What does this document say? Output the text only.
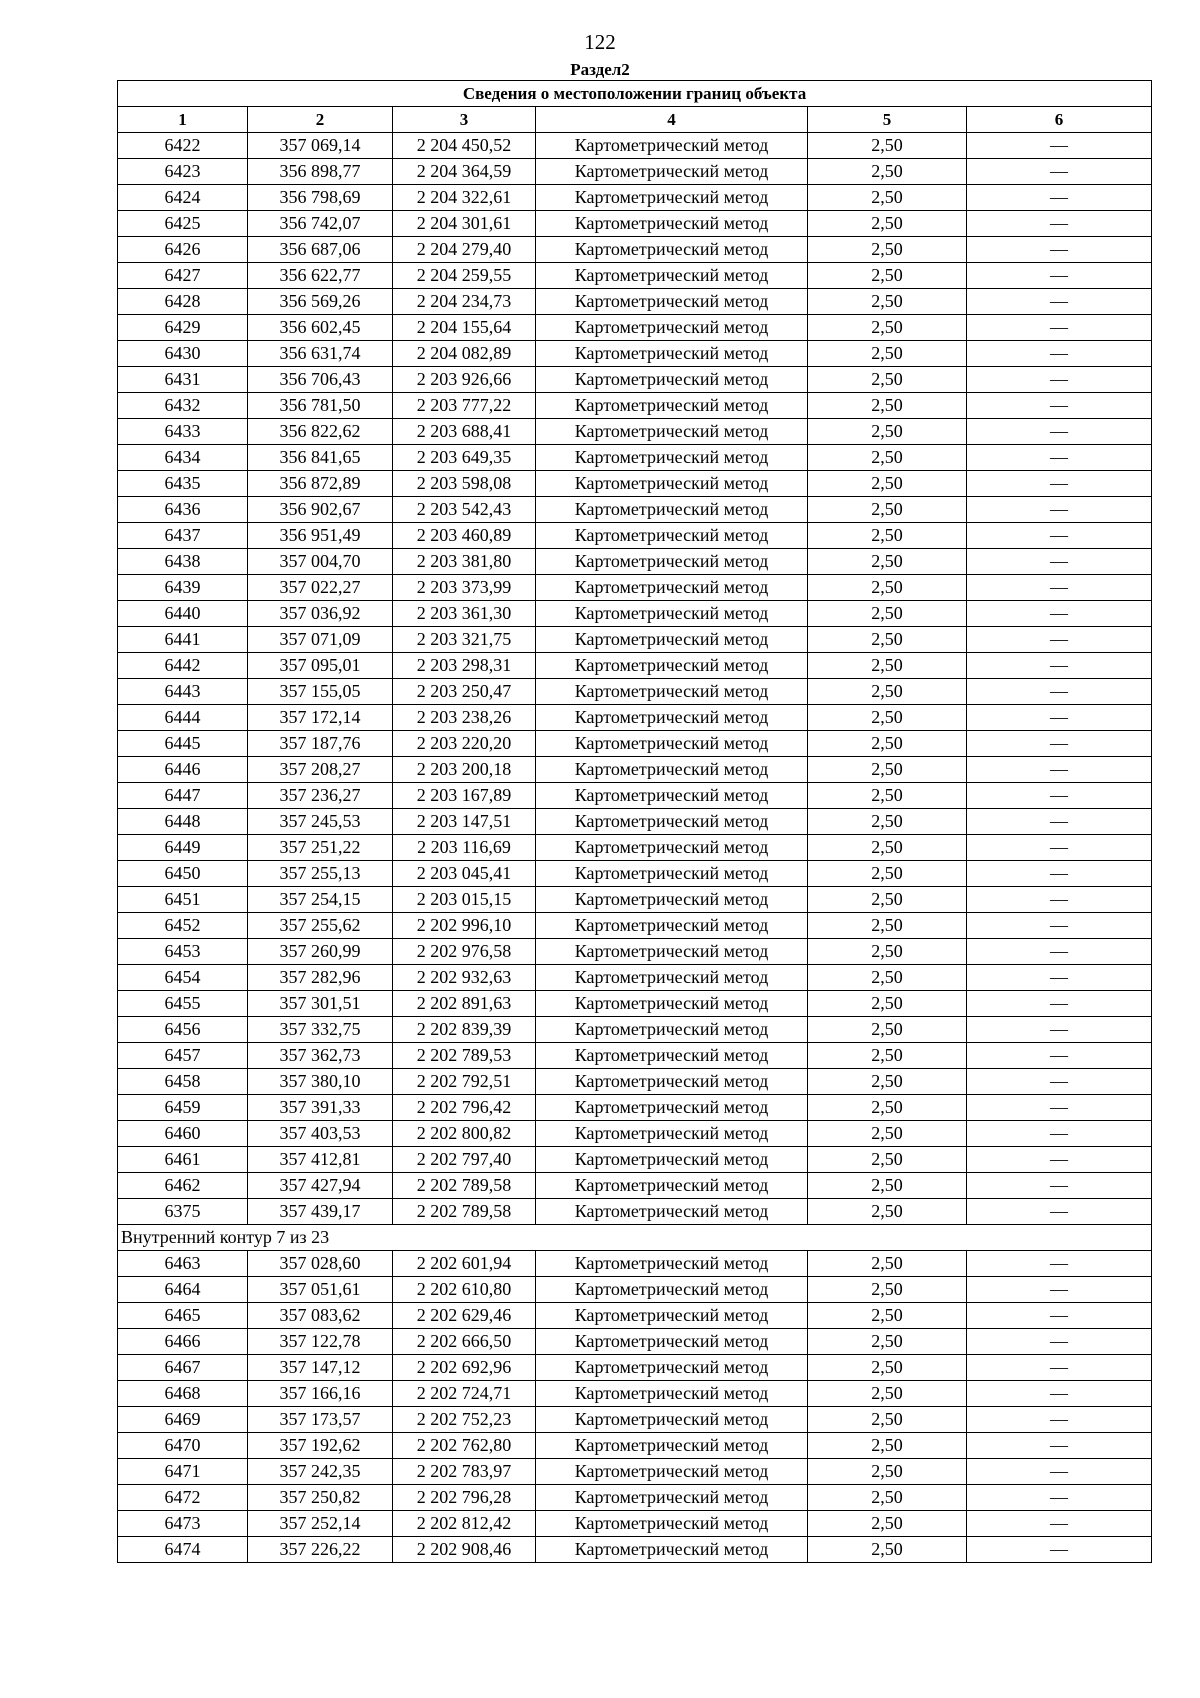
122
Раздел2
Сведения о местоположении границ объекта					
1	2	3	4	5	6
6422	357 069,14	2 204 450,52	Картометрический метод	2,50	—
6423	356 898,77	2 204 364,59	Картометрический метод	2,50	—
6424	356 798,69	2 204 322,61	Картометрический метод	2,50	—
6425	356 742,07	2 204 301,61	Картометрический метод	2,50	—
6426	356 687,06	2 204 279,40	Картометрический метод	2,50	—
6427	356 622,77	2 204 259,55	Картометрический метод	2,50	—
6428	356 569,26	2 204 234,73	Картометрический метод	2,50	—
6429	356 602,45	2 204 155,64	Картометрический метод	2,50	—
6430	356 631,74	2 204 082,89	Картометрический метод	2,50	—
6431	356 706,43	2 203 926,66	Картометрический метод	2,50	—
6432	356 781,50	2 203 777,22	Картометрический метод	2,50	—
6433	356 822,62	2 203 688,41	Картометрический метод	2,50	—
6434	356 841,65	2 203 649,35	Картометрический метод	2,50	—
6435	356 872,89	2 203 598,08	Картометрический метод	2,50	—
6436	356 902,67	2 203 542,43	Картометрический метод	2,50	—
6437	356 951,49	2 203 460,89	Картометрический метод	2,50	—
6438	357 004,70	2 203 381,80	Картометрический метод	2,50	—
6439	357 022,27	2 203 373,99	Картометрический метод	2,50	—
6440	357 036,92	2 203 361,30	Картометрический метод	2,50	—
6441	357 071,09	2 203 321,75	Картометрический метод	2,50	—
6442	357 095,01	2 203 298,31	Картометрический метод	2,50	—
6443	357 155,05	2 203 250,47	Картометрический метод	2,50	—
6444	357 172,14	2 203 238,26	Картометрический метод	2,50	—
6445	357 187,76	2 203 220,20	Картометрический метод	2,50	—
6446	357 208,27	2 203 200,18	Картометрический метод	2,50	—
6447	357 236,27	2 203 167,89	Картометрический метод	2,50	—
6448	357 245,53	2 203 147,51	Картометрический метод	2,50	—
6449	357 251,22	2 203 116,69	Картометрический метод	2,50	—
6450	357 255,13	2 203 045,41	Картометрический метод	2,50	—
6451	357 254,15	2 203 015,15	Картометрический метод	2,50	—
6452	357 255,62	2 202 996,10	Картометрический метод	2,50	—
6453	357 260,99	2 202 976,58	Картометрический метод	2,50	—
6454	357 282,96	2 202 932,63	Картометрический метод	2,50	—
6455	357 301,51	2 202 891,63	Картометрический метод	2,50	—
6456	357 332,75	2 202 839,39	Картометрический метод	2,50	—
6457	357 362,73	2 202 789,53	Картометрический метод	2,50	—
6458	357 380,10	2 202 792,51	Картометрический метод	2,50	—
6459	357 391,33	2 202 796,42	Картометрический метод	2,50	—
6460	357 403,53	2 202 800,82	Картометрический метод	2,50	—
6461	357 412,81	2 202 797,40	Картометрический метод	2,50	—
6462	357 427,94	2 202 789,58	Картометрический метод	2,50	—
6375	357 439,17	2 202 789,58	Картометрический метод	2,50	—
Внутренний контур 7 из 23					
6463	357 028,60	2 202 601,94	Картометрический метод	2,50	—
6464	357 051,61	2 202 610,80	Картометрический метод	2,50	—
6465	357 083,62	2 202 629,46	Картометрический метод	2,50	—
6466	357 122,78	2 202 666,50	Картометрический метод	2,50	—
6467	357 147,12	2 202 692,96	Картометрический метод	2,50	—
6468	357 166,16	2 202 724,71	Картометрический метод	2,50	—
6469	357 173,57	2 202 752,23	Картометрический метод	2,50	—
6470	357 192,62	2 202 762,80	Картометрический метод	2,50	—
6471	357 242,35	2 202 783,97	Картометрический метод	2,50	—
6472	357 250,82	2 202 796,28	Картометрический метод	2,50	—
6473	357 252,14	2 202 812,42	Картометрический метод	2,50	—
6474	357 226,22	2 202 908,46	Картометрический метод	2,50	—
